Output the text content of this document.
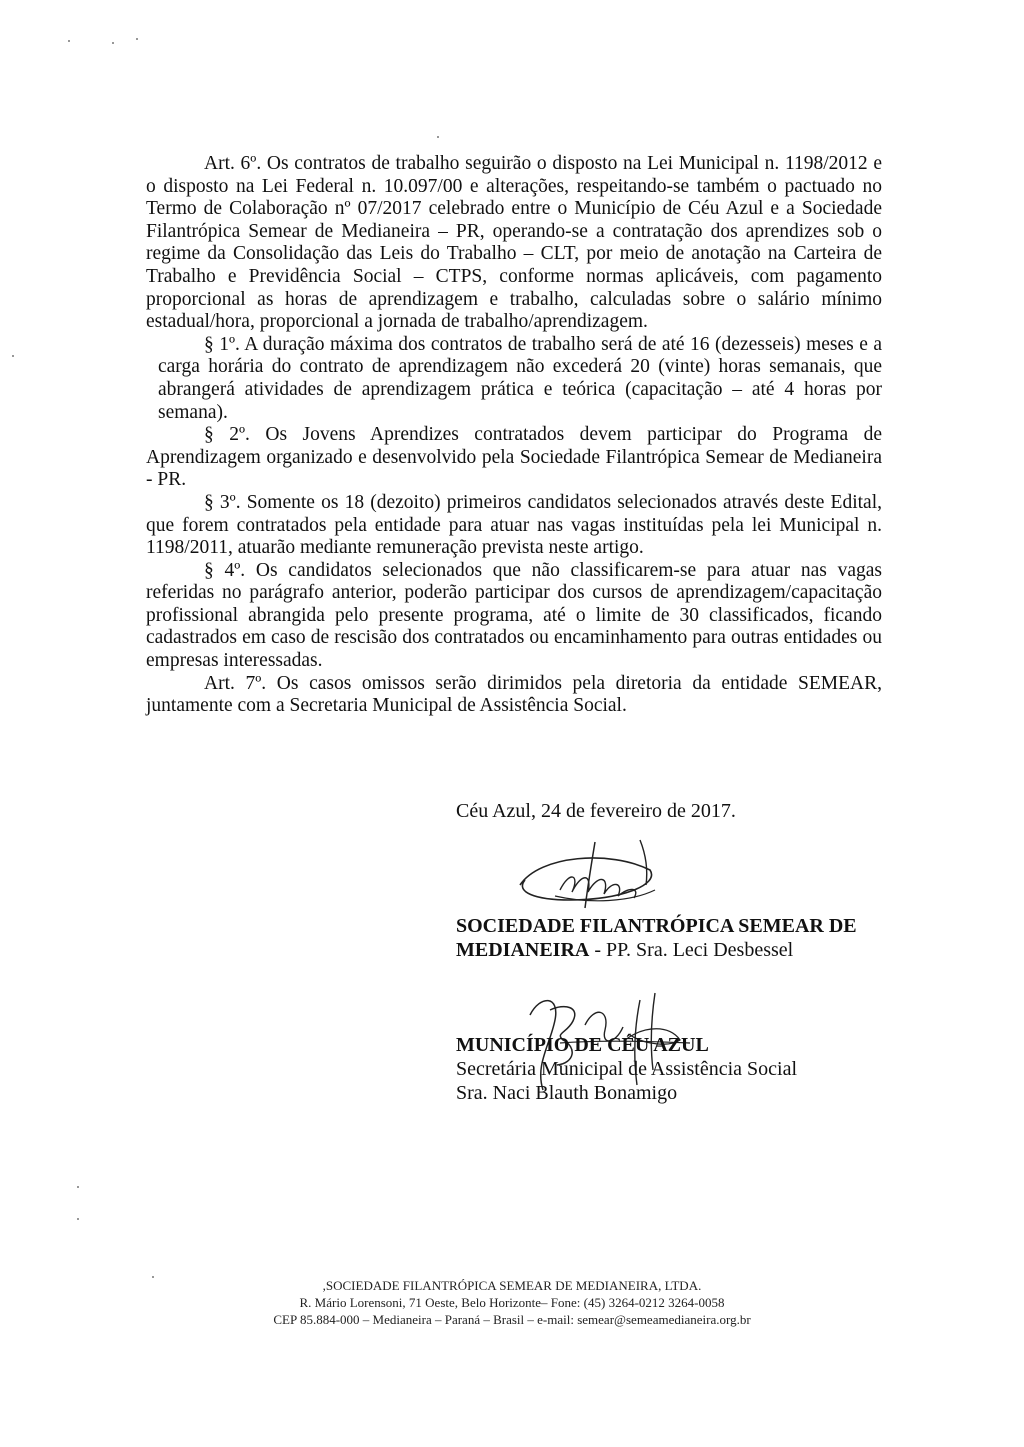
Art. 6º. Os contratos de trabalho seguirão o disposto na Lei Municipal n. 1198/2012 e o disposto na Lei Federal n. 10.097/00 e alterações, respeitando-se também o pactuado no Termo de Colaboração nº 07/2017 celebrado entre o Município de Céu Azul e a Sociedade Filantrópica Semear de Medianeira – PR, operando-se a contratação dos aprendizes sob o regime da Consolidação das Leis do Trabalho – CLT, por meio de anotação na Carteira de Trabalho e Previdência Social – CTPS, conforme normas aplicáveis, com pagamento proporcional as horas de aprendizagem e trabalho, calculadas sobre o salário mínimo estadual/hora, proporcional a jornada de trabalho/aprendizagem.

§ 1º. A duração máxima dos contratos de trabalho será de até 16 (dezesseis) meses e a carga horária do contrato de aprendizagem não excederá 20 (vinte) horas semanais, que abrangerá atividades de aprendizagem prática e teórica (capacitação – até 4 horas por semana).

§ 2º. Os Jovens Aprendizes contratados devem participar do Programa de Aprendizagem organizado e desenvolvido pela Sociedade Filantrópica Semear de Medianeira - PR.

§ 3º. Somente os 18 (dezoito) primeiros candidatos selecionados através deste Edital, que forem contratados pela entidade para atuar nas vagas instituídas pela lei Municipal n. 1198/2011, atuarão mediante remuneração prevista neste artigo.

§ 4º. Os candidatos selecionados que não classificarem-se para atuar nas vagas referidas no parágrafo anterior, poderão participar dos cursos de aprendizagem/capacitação profissional abrangida pelo presente programa, até o limite de 30 classificados, ficando cadastrados em caso de rescisão dos contratados ou encaminhamento para outras entidades ou empresas interessadas.

Art. 7º. Os casos omissos serão dirimidos pela diretoria da entidade SEMEAR, juntamente com a Secretaria Municipal de Assistência Social.

Céu Azul, 24 de fevereiro de 2017.
SOCIEDADE FILANTRÓPICA SEMEAR DE MEDIANEIRA - PP. Sra. Leci Desbessel
MUNICÍPIO DE CÉU AZUL
Secretária Municipal de Assistência Social
Sra. Naci Blauth Bonamigo
,SOCIEDADE FILANTRÓPICA SEMEAR DE MEDIANEIRA, LTDA.
R. Mário Lorensoni, 71 Oeste, Belo Horizonte– Fone: (45) 3264-0212 3264-0058
CEP 85.884-000 – Medianeira – Paraná – Brasil – e-mail: semear@semeamedianeira.org.br
